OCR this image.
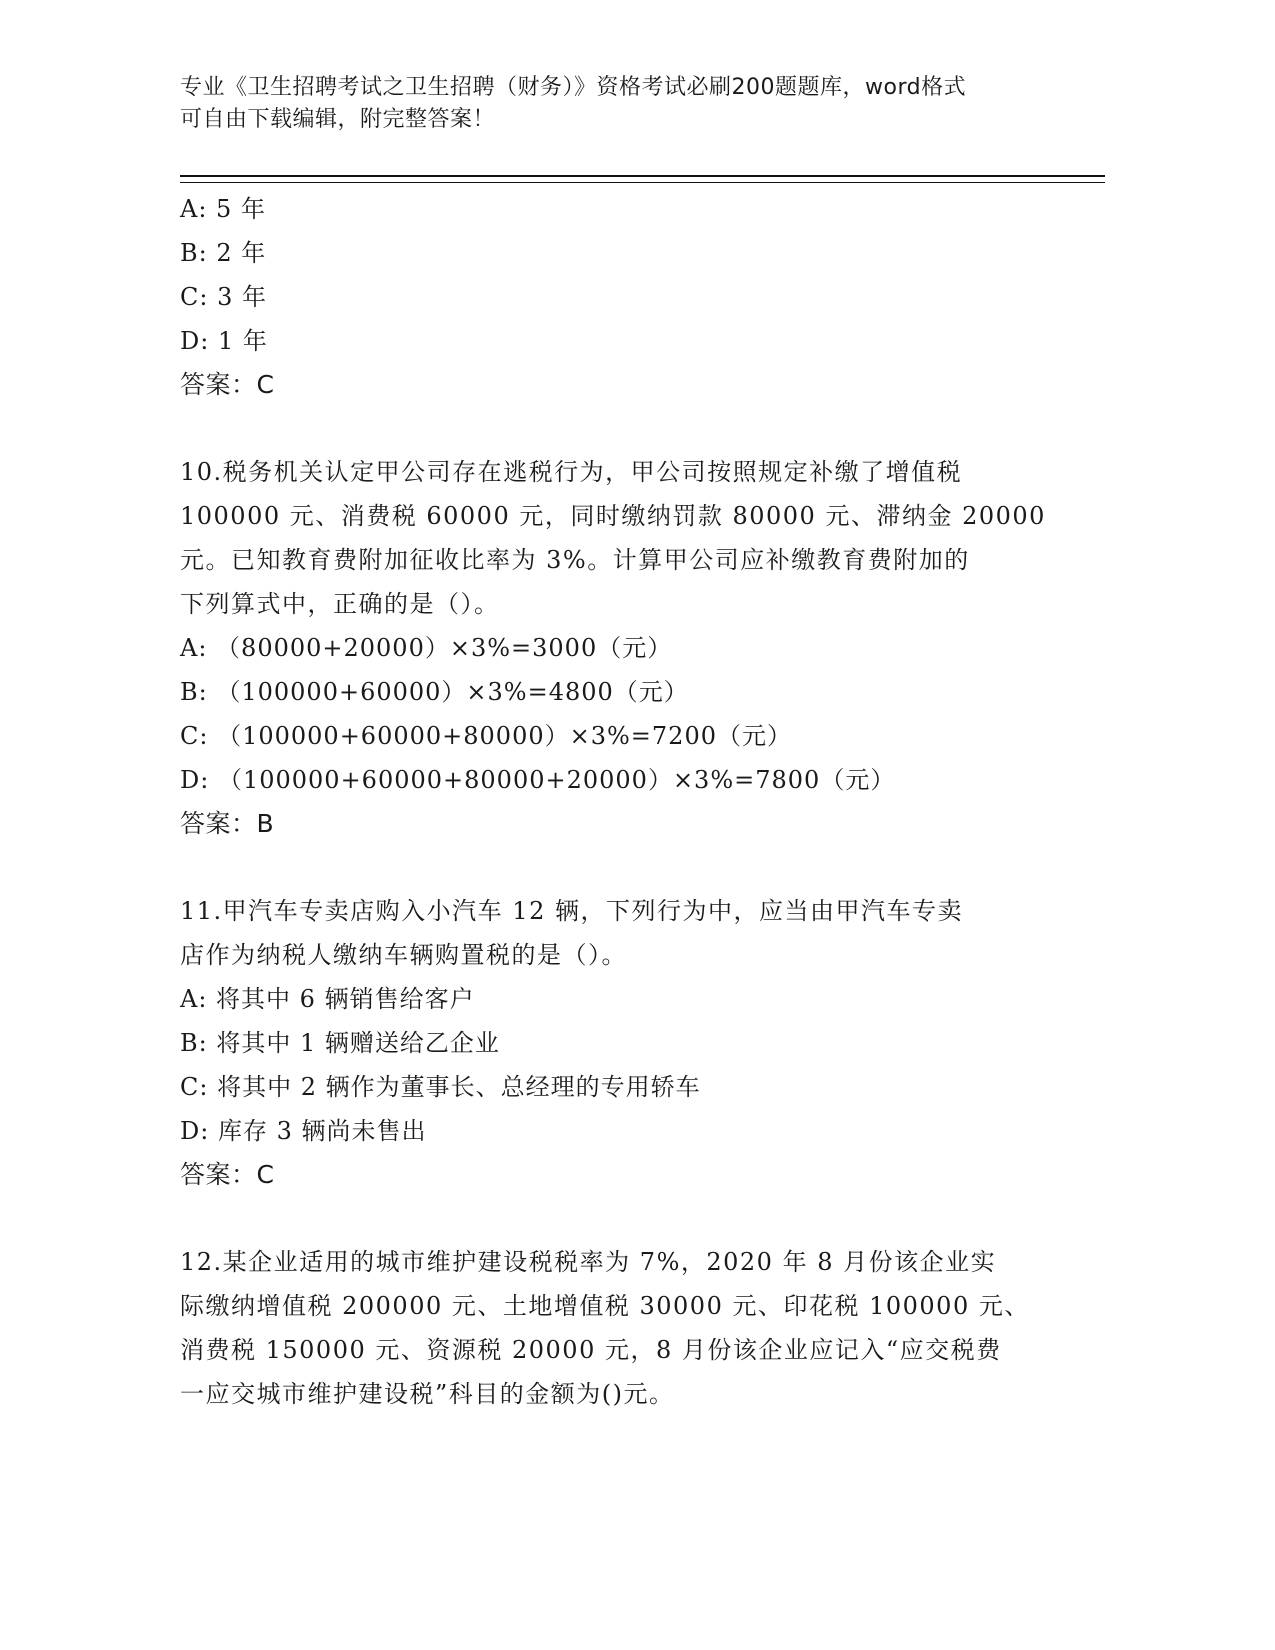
专业《卫生招聘考试之卫生招聘（财务）》资格考试必刷200题题库，word格式
可自由下载编辑，附完整答案！
A: 5 年
B: 2 年
C: 3 年
D: 1 年
答案：C
10.税务机关认定甲公司存在逃税行为，甲公司按照规定补缴了增值税
100000 元、消费税 60000 元，同时缴纳罚款 80000 元、滞纳金 20000
元。已知教育费附加征收比率为 3%。计算甲公司应补缴教育费附加的
下列算式中，正确的是（）。
A: （80000+20000）×3%=3000（元）
B: （100000+60000）×3%=4800（元）
C: （100000+60000+80000）×3%=7200（元）
D: （100000+60000+80000+20000）×3%=7800（元）
答案：B
11.甲汽车专卖店购入小汽车 12 辆，下列行为中，应当由甲汽车专卖
店作为纳税人缴纳车辆购置税的是（）。
A: 将其中 6 辆销售给客户
B: 将其中 1 辆赠送给乙企业
C: 将其中 2 辆作为董事长、总经理的专用轿车
D: 库存 3 辆尚未售出
答案：C
12.某企业适用的城市维护建设税税率为 7%，2020 年 8 月份该企业实
际缴纳增值税 200000 元、土地增值税 30000 元、印花税 100000 元、
消费税 150000 元、资源税 20000 元，8 月份该企业应记入“应交税费
一应交城市维护建设税”科目的金额为()元。
